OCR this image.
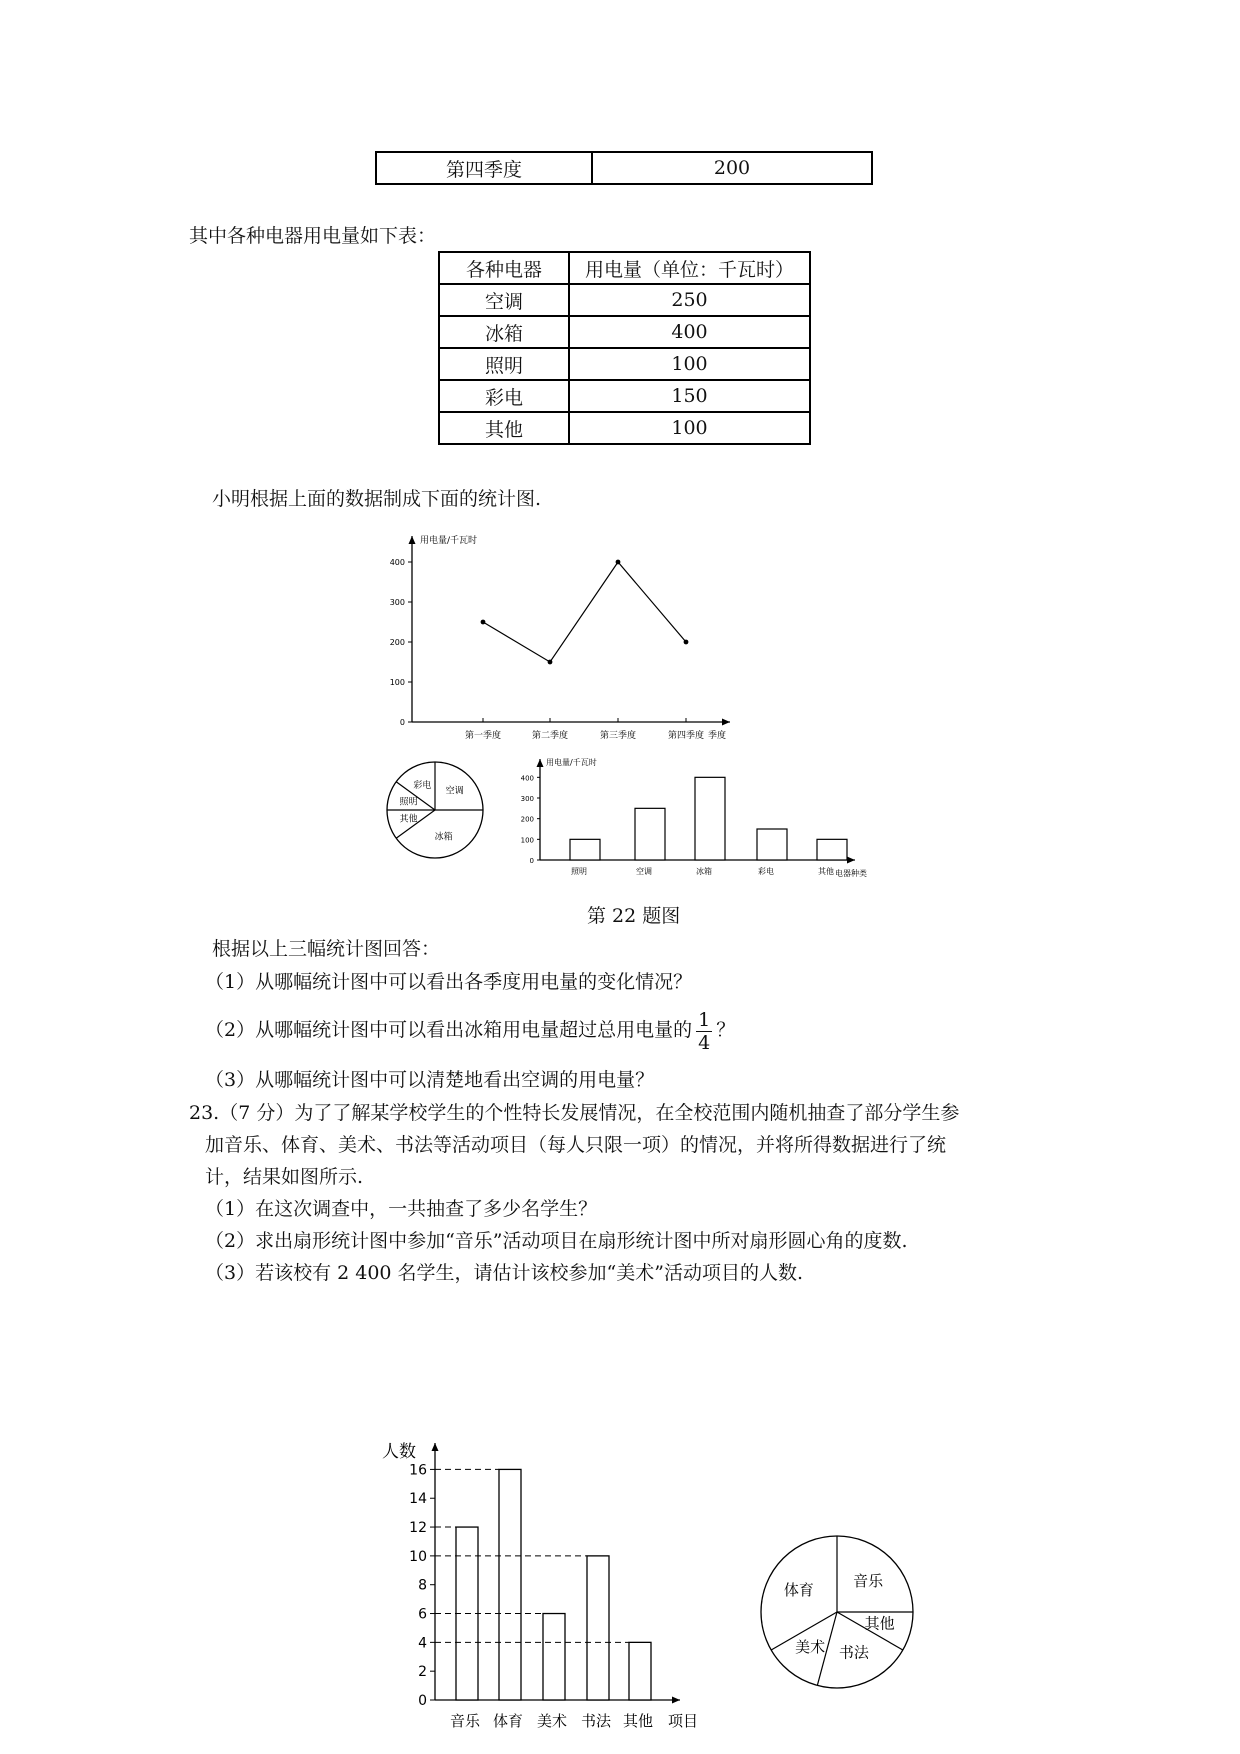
第四季度	200
其中各种电器用电量如下表：
各种电器	用电量（单位：千瓦时）
空调	250
冰箱	400
照明	100
彩电	150
其他	100
小明根据上面的数据制成下面的统计图.
用电量/千瓦时
季度
0
100
200
300
400
第一季度	第二季度	第三季度	第四季度
空调
冰箱
其他
照明
彩电
用电量/千瓦时
电器种类
0
100
200
300
400
照明	空调	冰箱	彩电	其他
第 22 题图
根据以上三幅统计图回答：
（1）从哪幅统计图中可以看出各季度用电量的变化情况？
（2）从哪幅统计图中可以看出冰箱用电量超过总用电量的 $\frac{1}{4}$ ？
（3）从哪幅统计图中可以清楚地看出空调的用电量？
23.（7 分）为了了解某学校学生的个性特长发展情况，在全校范围内随机抽查了部分学生参
加音乐、体育、美术、书法等活动项目（每人只限一项）的情况，并将所得数据进行了统
计，结果如图所示.
（1）在这次调查中，一共抽查了多少名学生？
（2）求出扇形统计图中参加“音乐”活动项目在扇形统计图中所对扇形圆心角的度数.
（3）若该校有 2 400 名学生，请估计该校参加“美术”活动项目的人数.
人数
项目
0
2
4
6
8
10
12
14
16
音乐 体育 美术 书法 其他
音乐
其他
书法
美术
体育
